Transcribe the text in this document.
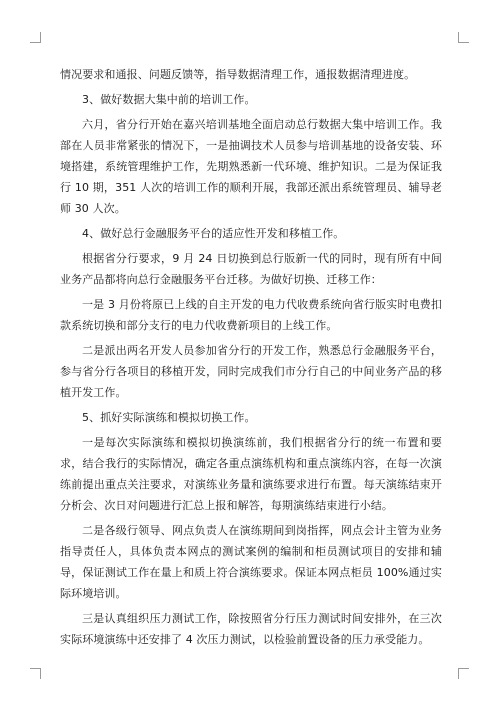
情况要求和通报、问题反馈等，指导数据清理工作，通报数据清理进度。

3、做好数据大集中前的培训工作。

六月，省分行开始在嘉兴培训基地全面启动总行数据大集中培训工作。我部在人员非常紧张的情况下，一是抽调技术人员参与培训基地的设备安装、环境搭建，系统管理维护工作，先期熟悉新一代环境、维护知识。二是为保证我行 10 期，351 人次的培训工作的顺利开展，我部还派出系统管理员、辅导老师 30 人次。

4、做好总行金融服务平台的适应性开发和移植工作。

根据省分行要求，9 月 24 日切换到总行版新一代的同时，现有所有中间业务产品都将向总行金融服务平台迁移。为做好切换、迁移工作：

一是 3 月份将原已上线的自主开发的电力代收费系统向省行版实时电费扣款系统切换和部分支行的电力代收费新项目的上线工作。

二是派出两名开发人员参加省分行的开发工作，熟悉总行金融服务平台，参与省分行各项目的移植开发，同时完成我们市分行自己的中间业务产品的移植开发工作。

5、抓好实际演练和模拟切换工作。

一是每次实际演练和模拟切换演练前，我们根据省分行的统一布置和要求，结合我行的实际情况，确定各重点演练机构和重点演练内容，在每一次演练前提出重点关注要求，对演练业务量和演练要求进行布置。每天演练结束开分析会、次日对问题进行汇总上报和解答，每期演练结束进行小结。

二是各级行领导、网点负责人在演练期间到岗指挥，网点会计主管为业务指导责任人，具体负责本网点的测试案例的编制和柜员测试项目的安排和辅导，保证测试工作在量上和质上符合演练要求。保证本网点柜员 100%通过实际环境培训。

三是认真组织压力测试工作，除按照省分行压力测试时间安排外，在三次实际环境演练中还安排了 4 次压力测试，以检验前置设备的压力承受能力。
